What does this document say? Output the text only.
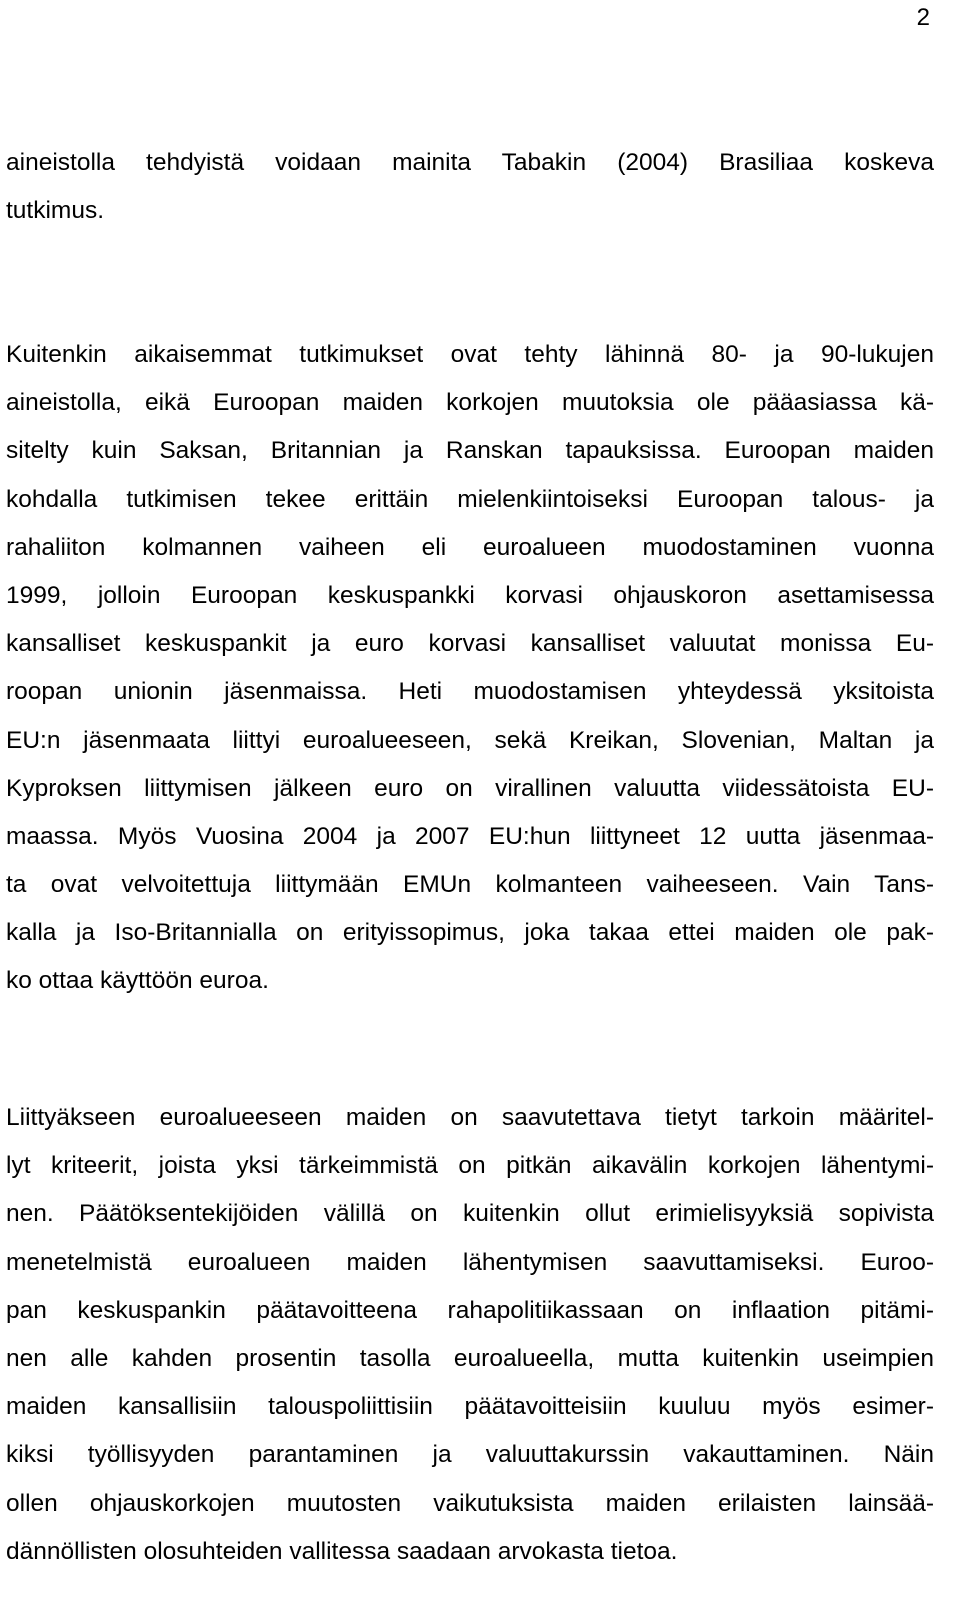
2
aineistolla tehdyistä voidaan mainita Tabakin (2004) Brasiliaa koskeva
tutkimus.
Kuitenkin aikaisemmat tutkimukset ovat tehty lähinnä 80- ja 90-lukujen
aineistolla, eikä Euroopan maiden korkojen muutoksia ole pääasiassa kä-
sitelty kuin Saksan, Britannian ja Ranskan tapauksissa. Euroopan maiden
kohdalla tutkimisen tekee erittäin mielenkiintoiseksi Euroopan talous- ja
rahaliiton kolmannen vaiheen eli euroalueen muodostaminen vuonna
1999, jolloin Euroopan keskuspankki korvasi ohjauskoron asettamisessa
kansalliset keskuspankit ja euro korvasi kansalliset valuutat monissa Eu-
roopan unionin jäsenmaissa. Heti muodostamisen yhteydessä yksitoista
EU:n jäsenmaata liittyi euroalueeseen, sekä Kreikan, Slovenian, Maltan ja
Kyproksen liittymisen jälkeen euro on virallinen valuutta viidessätoista EU-
maassa. Myös Vuosina 2004 ja 2007 EU:hun liittyneet 12 uutta jäsenmaa-
ta ovat velvoitettuja liittymään EMUn kolmanteen vaiheeseen. Vain Tans-
kalla ja Iso-Britannialla on erityissopimus, joka takaa ettei maiden ole pak-
ko ottaa käyttöön euroa.
Liittyäkseen euroalueeseen maiden on saavutettava tietyt tarkoin määritel-
lyt kriteerit, joista yksi tärkeimmistä on pitkän aikavälin korkojen lähentymi-
nen. Päätöksentekijöiden välillä on kuitenkin ollut erimielisyyksiä sopivista
menetelmistä euroalueen maiden lähentymisen saavuttamiseksi. Euroo-
pan keskuspankin päätavoitteena rahapolitiikassaan on inflaation pitämi-
nen alle kahden prosentin tasolla euroalueella, mutta kuitenkin useimpien
maiden kansallisiin talouspoliittisiin päätavoitteisiin kuuluu myös esimer-
kiksi työllisyyden parantaminen ja valuuttakurssin vakauttaminen. Näin
ollen ohjauskorkojen muutosten vaikutuksista maiden erilaisten lainsää-
dännöllisten olosuhteiden vallitessa saadaan arvokasta tietoa.
